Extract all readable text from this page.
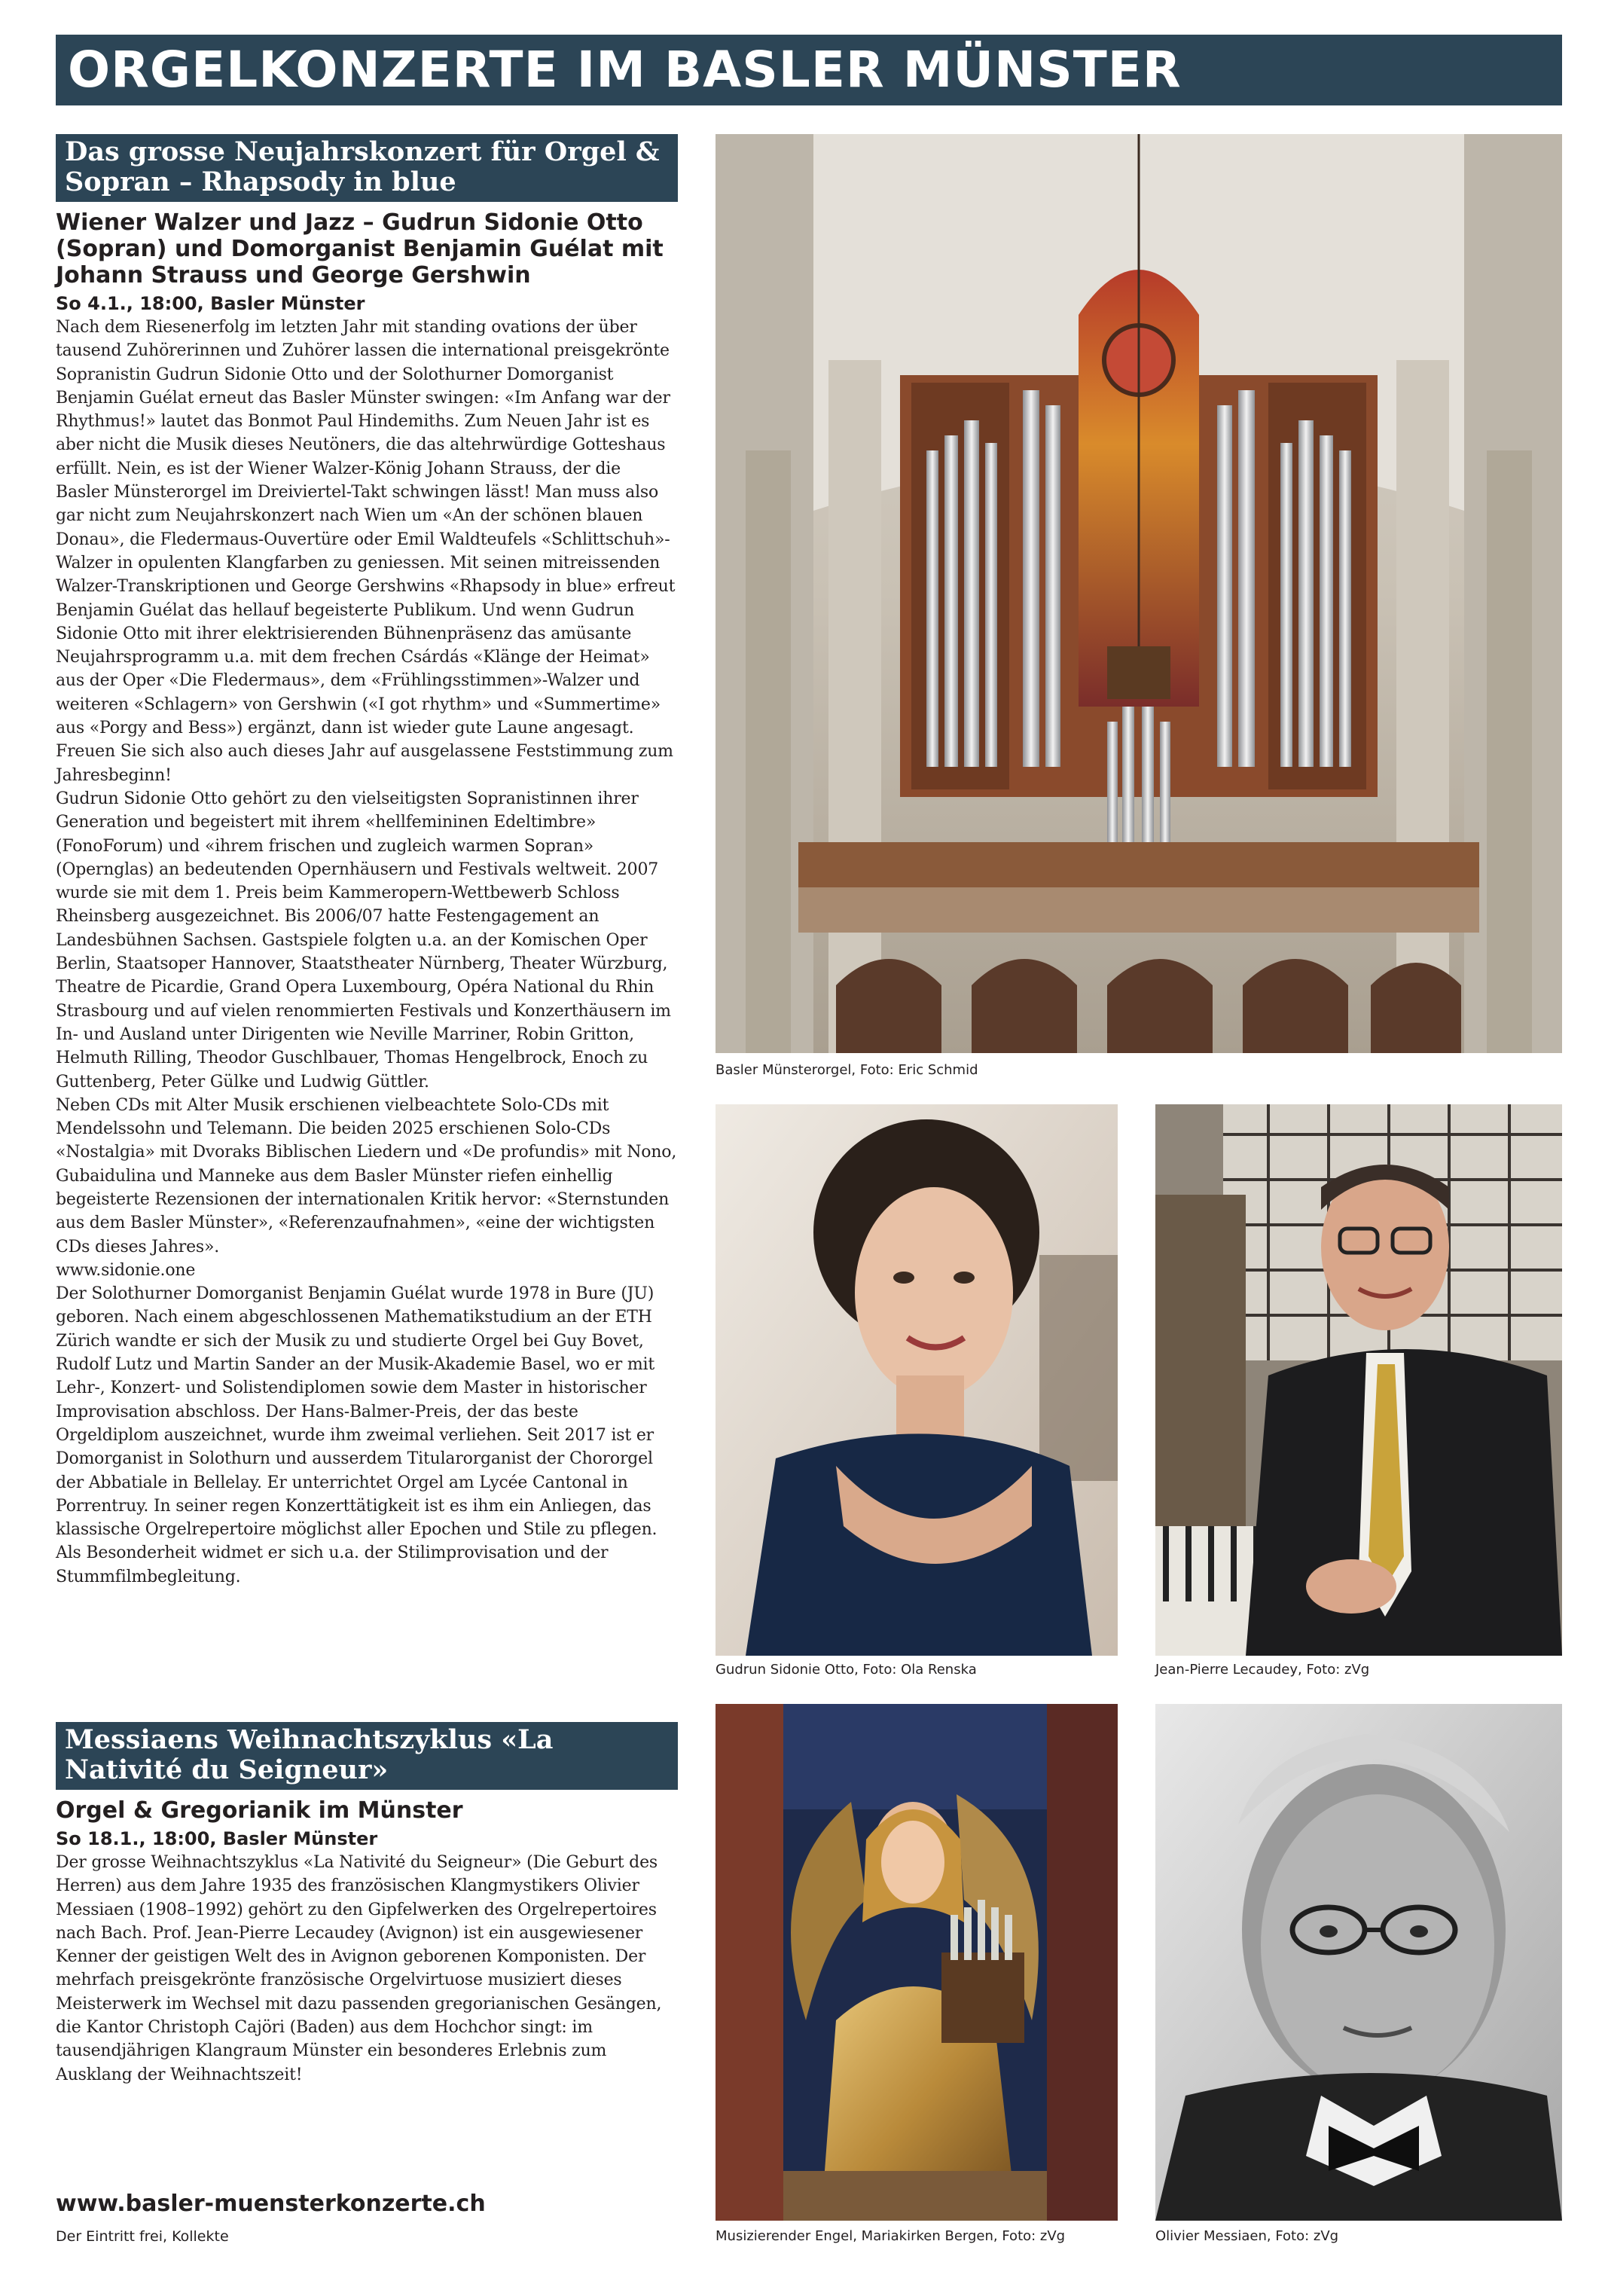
ORGELKONZERTE IM BASLER MÜNSTER
Das grosse Neujahrskonzert für Orgel & Sopran – Rhapsody in blue
Wiener Walzer und Jazz – Gudrun Sidonie Otto (Sopran) und Domorganist Benjamin Guélat mit Johann Strauss und George Gershwin
So 4.1., 18:00, Basler Münster

Nach dem Riesenerfolg im letzten Jahr mit standing ovations der über tausend Zuhörerinnen und Zuhörer lassen die international preisgekrönte Sopranistin Gudrun Sidonie Otto und der Solothurner Domorganist Benjamin Guélat erneut das Basler Münster swingen: «Im Anfang war der Rhythmus!» lautet das Bonmot Paul Hindemiths. Zum Neuen Jahr ist es aber nicht die Musik dieses Neutöners, die das altehrwürdige Gotteshaus erfüllt. Nein, es ist der Wiener Walzer-König Johann Strauss, der die Basler Münsterorgel im Dreiviertel-Takt schwingen lässt! Man muss also gar nicht zum Neujahrskonzert nach Wien um «An der schönen blauen Donau», die Fledermaus-Ouvertüre oder Emil Waldteufels «Schlittschuh»-Walzer in opulenten Klangfarben zu geniessen. Mit seinen mitreissenden Walzer-Transkriptionen und George Gershwins «Rhapsody in blue» erfreut Benjamin Guélat das hellauf begeisterte Publikum. Und wenn Gudrun Sidonie Otto mit ihrer elektrisierenden Bühnenpräsenz das amüsante Neujahrsprogramm u.a. mit dem frechen Csárdás «Klänge der Heimat» aus der Oper «Die Fledermaus», dem «Frühlingsstimmen»-Walzer und weiteren «Schlagern» von Gershwin («I got rhythm» und «Summertime» aus «Porgy and Bess») ergänzt, dann ist wieder gute Laune angesagt. Freuen Sie sich also auch dieses Jahr auf ausgelassene Feststimmung zum Jahresbeginn!

Gudrun Sidonie Otto gehört zu den vielseitigsten Sopranistinnen ihrer Generation und begeistert mit ihrem «hellfemininen Edeltimbre» (FonoForum) und «ihrem frischen und zugleich warmen Sopran» (Opernglas) an bedeutenden Opernhäusern und Festivals weltweit. 2007 wurde sie mit dem 1. Preis beim Kammeropern-Wettbewerb Schloss Rheinsberg ausgezeichnet. Bis 2006/07 hatte Festengagement an Landesbühnen Sachsen. Gastspiele folgten u.a. an der Komischen Oper Berlin, Staatsoper Hannover, Staatstheater Nürnberg, Theater Würzburg, Theatre de Picardie, Grand Opera Luxembourg, Opéra National du Rhin Strasbourg und auf vielen renommierten Festivals und Konzerthäusern im In- und Ausland unter Dirigenten wie Neville Marriner, Robin Gritton, Helmuth Rilling, Theodor Guschlbauer, Thomas Hengelbrock, Enoch zu Guttenberg, Peter Gülke und Ludwig Güttler.

Neben CDs mit Alter Musik erschienen vielbeachtete Solo-CDs mit Mendelssohn und Telemann. Die beiden 2025 erschienen Solo-CDs «Nostalgia» mit Dvoraks Biblischen Liedern und «De profundis» mit Nono, Gubaidulina und Manneke aus dem Basler Münster riefen einhellig begeisterte Rezensionen der internationalen Kritik hervor: «Sternstunden aus dem Basler Münster», «Referenzaufnahmen», «eine der wichtigsten CDs dieses Jahres».

www.sidonie.one

Der Solothurner Domorganist Benjamin Guélat wurde 1978 in Bure (JU) geboren. Nach einem abgeschlossenen Mathematikstudium an der ETH Zürich wandte er sich der Musik zu und studierte Orgel bei Guy Bovet, Rudolf Lutz und Martin Sander an der Musik-Akademie Basel, wo er mit Lehr-, Konzert- und Solistendiplomen sowie dem Master in historischer Improvisation abschloss. Der Hans-Balmer-Preis, der das beste Orgeldiplom auszeichnet, wurde ihm zweimal verliehen. Seit 2017 ist er Domorganist in Solothurn und ausserdem Titularorganist der Chororgel der Abbatiale in Bellelay. Er unterrichtet Orgel am Lycée Cantonal in Porrentruy. In seiner regen Konzerttätigkeit ist es ihm ein Anliegen, das klassische Orgelrepertoire möglichst aller Epochen und Stile zu pflegen. Als Besonderheit widmet er sich u.a. der Stilimprovisation und der Stummfilmbegleitung.

Messiaens Weihnachtszyklus «La Nativité du Seigneur»
Orgel & Gregorianik im Münster
So 18.1., 18:00, Basler Münster

Der grosse Weihnachtszyklus «La Nativité du Seigneur» (Die Geburt des Herren) aus dem Jahre 1935 des französischen Klangmystikers Olivier Messiaen (1908–1992) gehört zu den Gipfelwerken des Orgelrepertoires nach Bach. Prof. Jean-Pierre Lecaudey (Avignon) ist ein ausgewiesener Kenner der geistigen Welt des in Avignon geborenen Komponisten. Der mehrfach preisgekrönte französische Orgelvirtuose musiziert dieses Meisterwerk im Wechsel mit dazu passenden gregorianischen Gesängen, die Kantor Christoph Cajöri (Baden) aus dem Hochchor singt: im tausendjährigen Klangraum Münster ein besonderes Erlebnis zum Ausklang der Weihnachtszeit!

www.basler-muensterkonzerte.ch
Der Eintritt frei, Kollekte
Basler Münsterorgel, Foto: Eric Schmid
Gudrun Sidonie Otto, Foto: Ola Renska	Jean-Pierre Lecaudey, Foto: zVg
Musizierender Engel, Mariakirken Bergen, Foto: zVg	Olivier Messiaen, Foto: zVg
